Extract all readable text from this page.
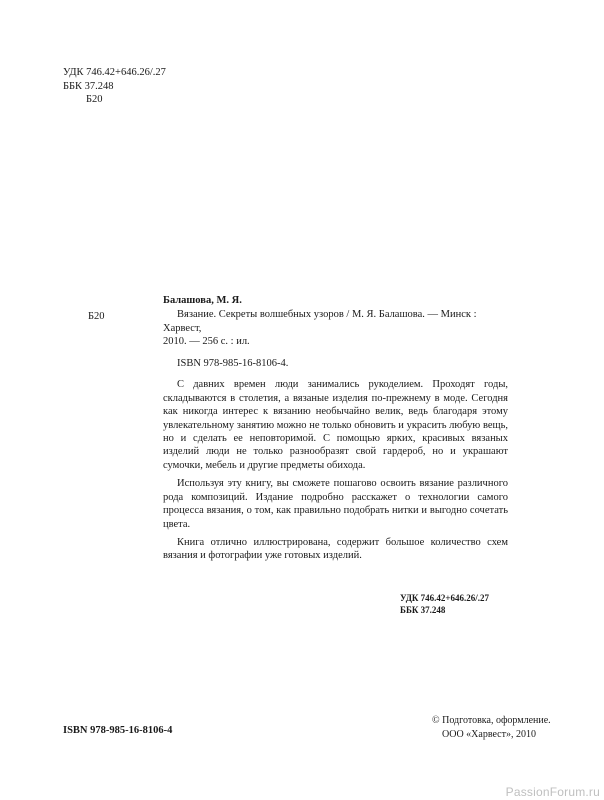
УДК 746.42+646.26/.27
ББК 37.248
Б20
Б20
Балашова, М. Я.
Вязание. Секреты волшебных узоров / М. Я. Балашова. — Минск : Харвест,
2010. — 256 с. : ил.
ISBN 978-985-16-8106-4.

С давних времен люди занимались рукоделием. Проходят годы, складываются в столетия, а вязаные изделия по-прежнему в моде. Сегодня как никогда интерес к вязанию необычайно велик, ведь благодаря этому увлекательному занятию можно не только обновить и украсить любую вещь, но и сделать ее неповторимой. С помощью ярких, красивых вязаных изделий люди не только разнообразят свой гардероб, но и украшают сумочки, мебель и другие предметы обихода.

Используя эту книгу, вы сможете пошагово освоить вязание различного рода композиций. Издание подробно расскажет о технологии самого процесса вязания, о том, как правильно подобрать нитки и выгодно сочетать цвета.

Книга отлично иллюстрирована, содержит большое количество схем вязания и фотографии уже готовых изделий.

УДК 746.42+646.26/.27
ББК 37.248
ISBN 978-985-16-8106-4
© Подготовка, оформление.
ООО «Харвест», 2010
PassionForum.ru
